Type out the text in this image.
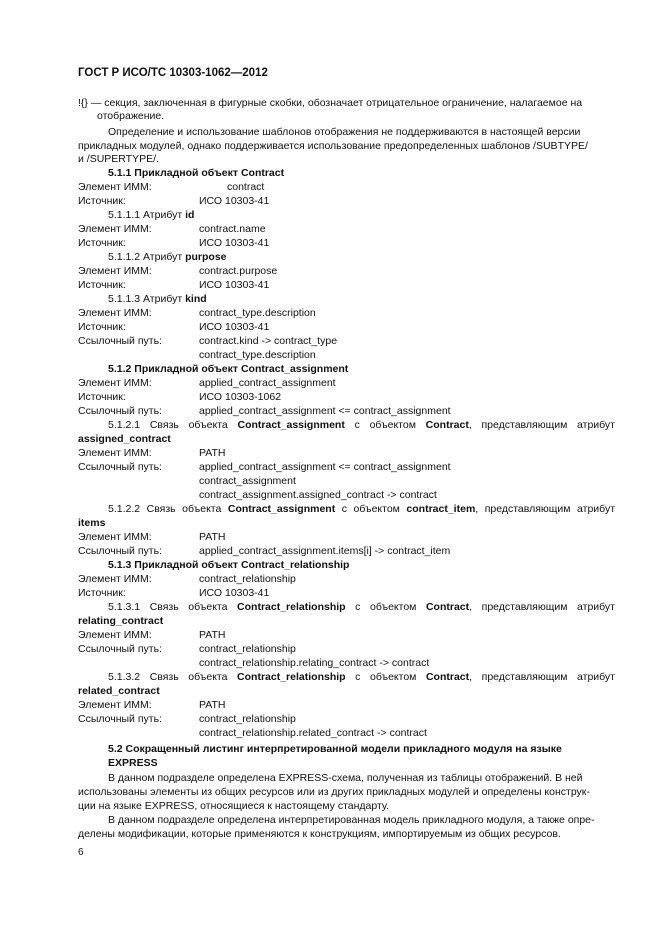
ГОСТ Р ИСО/ТС 10303-1062—2012
!{} — секция, заключенная в фигурные скобки, обозначает отрицательное ограничение, налагаемое на
отображение.
Определение и использование шаблонов отображения не поддерживаются в настоящей версии
прикладных модулей, однако поддерживается использование предопределенных шаблонов /SUBTYPE/
и /SUPERTYPE/.
5.1.1 Прикладной объект Contract
Элемент ИММ:	contract
Источник:	ИСО 10303-41
5.1.1.1 Атрибут id
Элемент ИММ:	contract.name
Источник:	ИСО 10303-41
5.1.1.2 Атрибут purpose
Элемент ИММ:	contract.purpose
Источник:	ИСО 10303-41
5.1.1.3 Атрибут kind
Элемент ИММ:	contract_type.description
Источник:	ИСО 10303-41
Ссылочный путь:	contract.kind -> contract_type
contract_type.description
5.1.2 Прикладной объект Contract_assignment
Элемент ИММ:	applied_contract_assignment
Источник:	ИСО 10303-1062
Ссылочный путь:	applied_contract_assignment <= contract_assignment
5.1.2.1 Связь объекта Contract_assignment с объектом Contract, представляющим атрибут
assigned_contract
Элемент ИММ:	PATH
Ссылочный путь:	applied_contract_assignment <= contract_assignment
contract_assignment
contract_assignment.assigned_contract -> contract
5.1.2.2 Связь объекта Contract_assignment с объектом contract_item, представляющим атрибут
items
Элемент ИММ:	PATH
Ссылочный путь:	applied_contract_assignment.items[i] -> contract_item
5.1.3 Прикладной объект Contract_relationship
Элемент ИММ:	contract_relationship
Источник:	ИСО 10303-41
5.1.3.1 Связь объекта Contract_relationship с объектом Contract, представляющим атрибут
relating_contract
Элемент ИММ:	PATH
Ссылочный путь:	contract_relationship
contract_relationship.relating_contract -> contract
5.1.3.2 Связь объекта Contract_relationship с объектом Contract, представляющим атрибут
related_contract
Элемент ИММ:	PATH
Ссылочный путь:	contract_relationship
contract_relationship.related_contract -> contract
5.2 Сокращенный листинг интерпретированной модели прикладного модуля на языке
EXPRESS
В данном подразделе определена EXPRESS-схема, полученная из таблицы отображений. В ней
использованы элементы из общих ресурсов или из других прикладных модулей и определены конструк-
ции на языке EXPRESS, относящиеся к настоящему стандарту.
В данном подразделе определена интерпретированная модель прикладного модуля, а также опре-
делены модификации, которые применяются к конструкциям, импортируемым из общих ресурсов.
6
